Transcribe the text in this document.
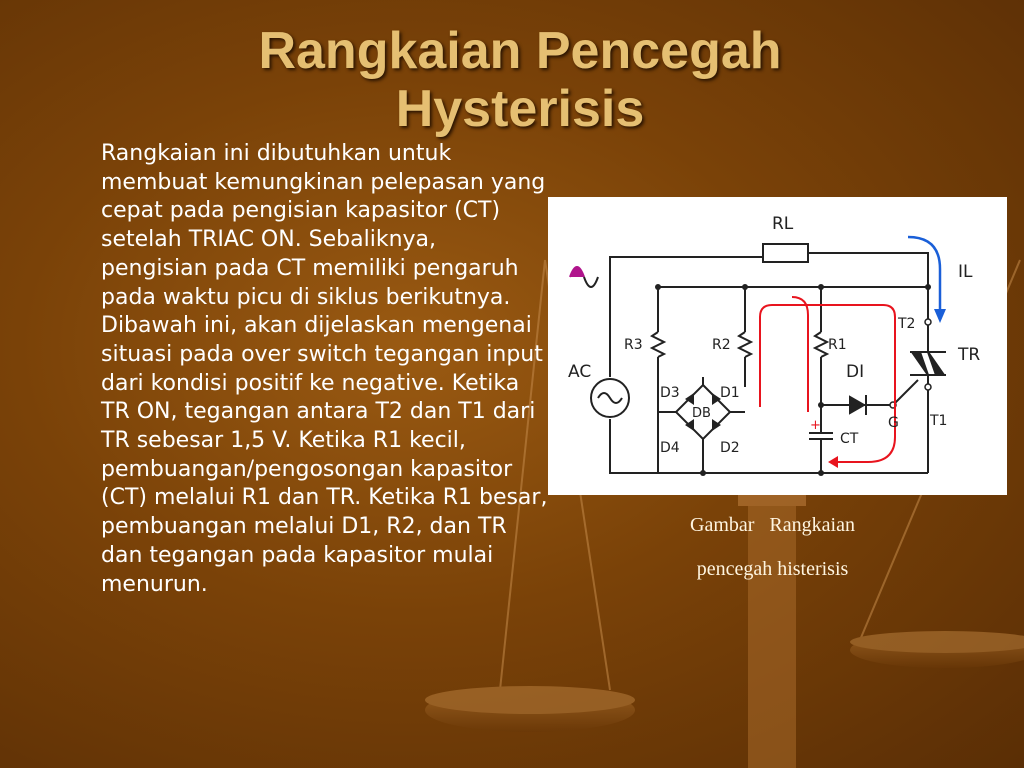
Rangkaian Pencegah Hysterisis

Rangkaian ini dibutuhkan untuk membuat kemungkinan pelepasan yang cepat pada pengisian kapasitor (CT) setelah TRIAC ON. Sebaliknya, pengisian pada CT memiliki pengaruh pada waktu picu di siklus berikutnya. Dibawah ini, akan dijelaskan mengenai situasi pada over switch tegangan input dari kondisi positif ke negative. Ketika TR ON, tegangan antara T2 dan T1 dari TR sebesar 1,5 V. Ketika R1 kecil, pembuangan/pengosongan kapasitor (CT) melalui R1 dan TR. Ketika R1 besar, pembuangan melalui D1, R2, dan TR dan tegangan pada kapasitor mulai menurun.

RL
IL
T2
TR
R3	R2	R1
D1
DI
AC
D3
D4
DB
D2
CT
+	G T1
Gambar   Rangkaian
pencegah histerisis
